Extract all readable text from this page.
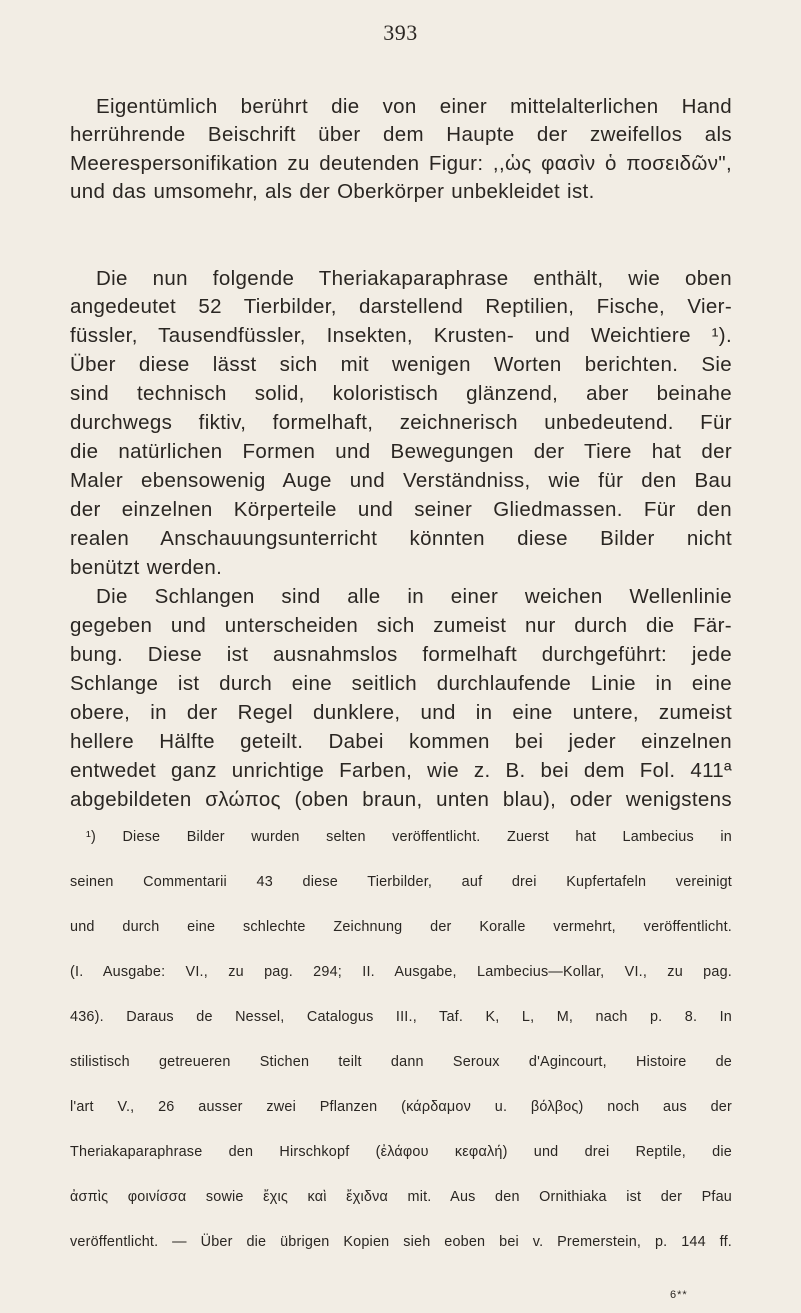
393
Eigentümlich berührt die von einer mittelalterlichen Hand
herrührende Beischrift über dem Haupte der zweifellos als
Meerespersonifikation zu deutenden Figur: ,,ὡς φασὶν ὁ ποσειδῶν",
und das umsomehr, als der Oberkörper unbekleidet ist.
Die nun folgende Theriakaparaphrase enthält, wie oben
angedeutet 52 Tierbilder, darstellend Reptilien, Fische, Vier-
füssler, Tausendfüssler, Insekten, Krusten- und Weichtiere ¹).
Über diese lässt sich mit wenigen Worten berichten. Sie
sind technisch solid, koloristisch glänzend, aber beinahe
durchwegs fiktiv, formelhaft, zeichnerisch unbedeutend. Für
die natürlichen Formen und Bewegungen der Tiere hat der
Maler ebensowenig Auge und Verständniss, wie für den Bau
der einzelnen Körperteile und seiner Gliedmassen. Für den
realen Anschauungsunterricht könnten diese Bilder nicht
benützt werden.
Die Schlangen sind alle in einer weichen Wellenlinie
gegeben und unterscheiden sich zumeist nur durch die Fär-
bung. Diese ist ausnahmslos formelhaft durchgeführt: jede
Schlange ist durch eine seitlich durchlaufende Linie in eine
obere, in der Regel dunklere, und in eine untere, zumeist
hellere Hälfte geteilt. Dabei kommen bei jeder einzelnen
entwedet ganz unrichtige Farben, wie z. B. bei dem Fol. 411ª
abgebildeten σλώπος (oben braun, unten blau), oder wenigstens
¹) Diese Bilder wurden selten veröffentlicht. Zuerst hat Lambecius in
seinen Commentarii 43 diese Tierbilder, auf drei Kupfertafeln vereinigt
und durch eine schlechte Zeichnung der Koralle vermehrt, veröffentlicht.
(I. Ausgabe: VI., zu pag. 294; II. Ausgabe, Lambecius—Kollar, VI., zu pag.
436). Daraus de Nessel, Catalogus III., Taf. K, L, M, nach p. 8. In
stilistisch getreueren Stichen teilt dann Seroux d'Agincourt, Histoire de
l'art V., 26 ausser zwei Pflanzen (κάρδαμον u. βόλβος) noch aus der
Theriakaparaphrase den Hirschkopf (ἐλάφου κεφαλή) und drei Reptile, die
ἀσπὶς φοινίσσα sowie ἔχις καὶ ἔχιδνα mit. Aus den Ornithiaka ist der Pfau
veröffentlicht. — Über die übrigen Kopien sieh eoben bei v. Premerstein, p. 144 ff.
6**
